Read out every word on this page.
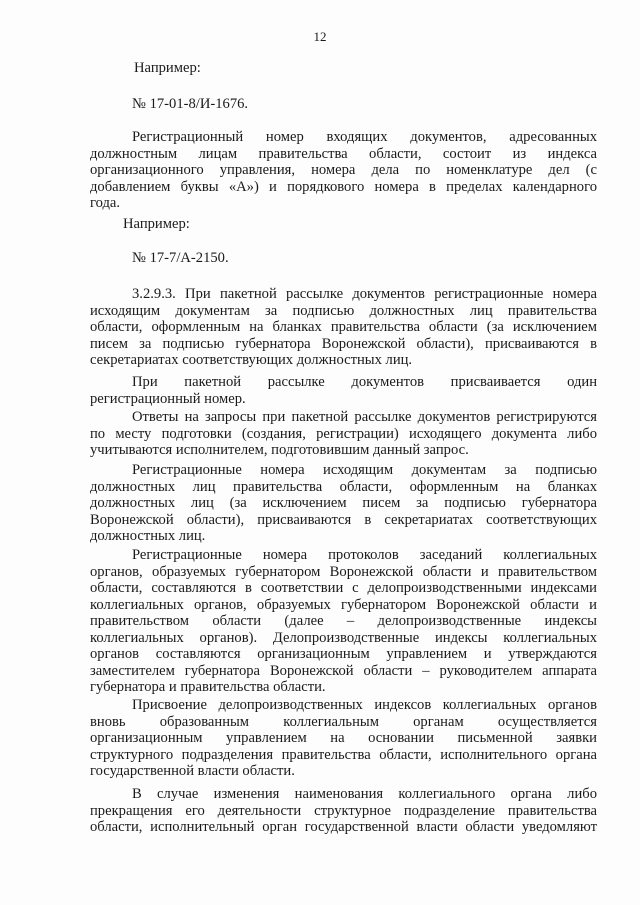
12
Например:
№ 17-01-8/И-1676.
Регистрационный номер входящих документов, адресованных
должностным лицам правительства области, состоит из индекса
организационного управления, номера дела по номенклатуре дел (с
добавлением буквы «А») и порядкового номера в пределах календарного
года.
Например:
№ 17-7/А-2150.
3.2.9.3. При пакетной рассылке документов регистрационные номера
исходящим документам за подписью должностных лиц правительства
области, оформленным на бланках правительства области (за исключением
писем за подписью губернатора Воронежской области), присваиваются в
секретариатах соответствующих должностных лиц.
При пакетной рассылке документов присваивается один
регистрационный номер.
Ответы на запросы при пакетной рассылке документов регистрируются
по месту подготовки (создания, регистрации) исходящего документа либо
учитываются исполнителем, подготовившим данный запрос.
Регистрационные номера исходящим документам за подписью
должностных лиц правительства области, оформленным на бланках
должностных лиц (за исключением писем за подписью губернатора
Воронежской области), присваиваются в секретариатах соответствующих
должностных лиц.
Регистрационные номера протоколов заседаний коллегиальных
органов, образуемых губернатором Воронежской области и правительством
области, составляются в соответствии с делопроизводственными индексами
коллегиальных органов, образуемых губернатором Воронежской области и
правительством области (далее – делопроизводственные индексы
коллегиальных органов). Делопроизводственные индексы коллегиальных
органов составляются организационным управлением и утверждаются
заместителем губернатора Воронежской области – руководителем аппарата
губернатора и правительства области.
Присвоение делопроизводственных индексов коллегиальных органов
вновь образованным коллегиальным органам осуществляется
организационным управлением на основании письменной заявки
структурного подразделения правительства области, исполнительного органа
государственной власти области.
В случае изменения наименования коллегиального органа либо
прекращения его деятельности структурное подразделение правительства
области, исполнительный орган государственной власти области уведомляют
